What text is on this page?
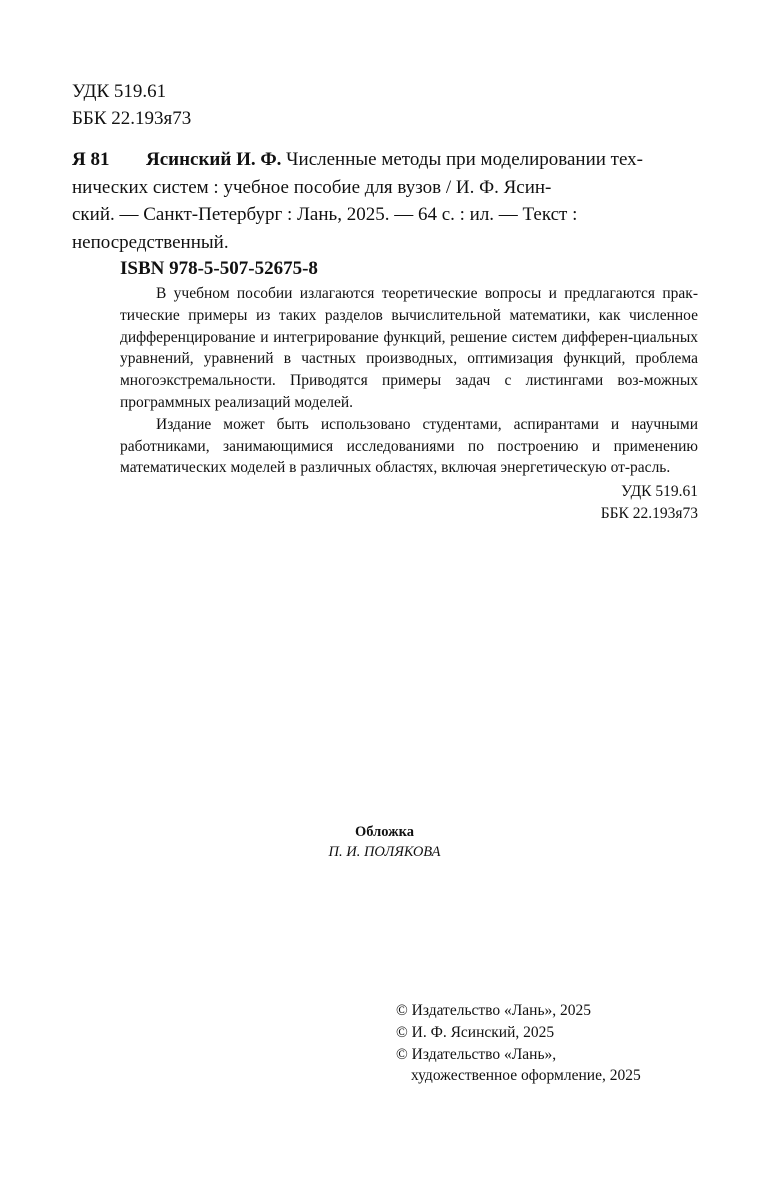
УДК 519.61
ББК 22.193я73
Я 81 Ясинский И. Ф. Численные методы при моделировании тех-
нических систем : учебное пособие для вузов / И. Ф. Ясин-
ский. — Санкт-Петербург : Лань, 2025. — 64 с. : ил. — Текст :
непосредственный.
ISBN 978-5-507-52675-8

В учебном пособии излагаются теоретические вопросы и предлагаются прак-тические примеры из таких разделов вычислительной математики, как численное дифференцирование и интегрирование функций, решение систем дифферен-циальных уравнений, уравнений в частных производных, оптимизация функций, проблема многоэкстремальности. Приводятся примеры задач с листингами воз-можных программных реализаций моделей.

Издание может быть использовано студентами, аспирантами и научными работниками, занимающимися исследованиями по построению и применению математических моделей в различных областях, включая энергетическую от-расль.

УДК 519.61
ББК 22.193я73
Обложка
П. И. ПОЛЯКОВА
© Издательство «Лань», 2025
© И. Ф. Ясинский, 2025
© Издательство «Лань»,
художественное оформление, 2025
